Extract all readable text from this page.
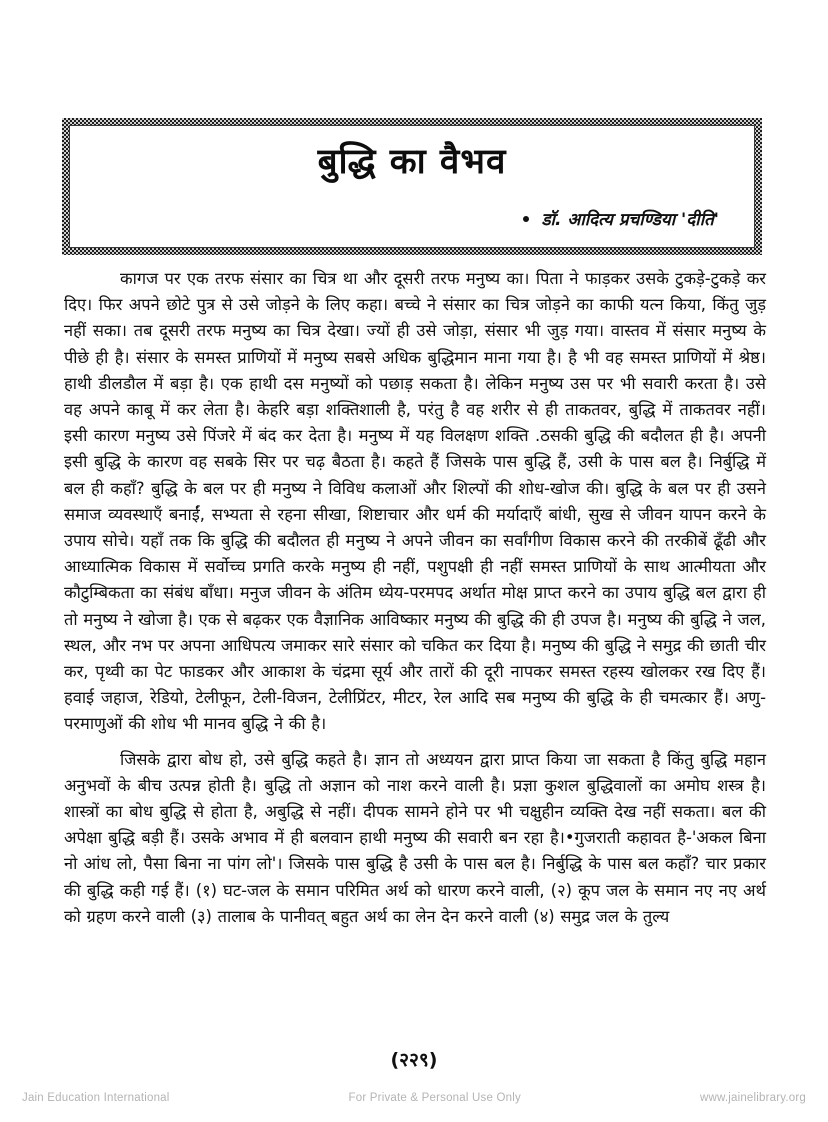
बुद्धि का वैभव
डॉ. आदित्य प्रचण्डिया 'दीति'

कागज पर एक तरफ संसार का चित्र था और दूसरी तरफ मनुष्य का। पिता ने फाड़कर उसके टुकड़े-टुकड़े कर दिए। फिर अपने छोटे पुत्र से उसे जोड़ने के लिए कहा। बच्चे ने संसार का चित्र जोड़ने का काफी यत्न किया, किंतु जुड़ नहीं सका। तब दूसरी तरफ मनुष्य का चित्र देखा। ज्यों ही उसे जोड़ा, संसार भी जुड़ गया। वास्तव में संसार मनुष्य के पीछे ही है। संसार के समस्त प्राणियों में मनुष्य सबसे अधिक बुद्धिमान माना गया है। है भी वह समस्त प्राणियों में श्रेष्ठ। हाथी डीलडौल में बड़ा है। एक हाथी दस मनुष्यों को पछाड़ सकता है। लेकिन मनुष्य उस पर भी सवारी करता है। उसे वह अपने काबू में कर लेता है। केहरि बड़ा शक्तिशाली है, परंतु है वह शरीर से ही ताकतवर, बुद्धि में ताकतवर नहीं। इसी कारण मनुष्य उसे पिंजरे में बंद कर देता है। मनुष्य में यह विलक्षण शक्ति .ठसकी बुद्धि की बदौलत ही है। अपनी इसी बुद्धि के कारण वह सबके सिर पर चढ़ बैठता है। कहते हैं जिसके पास बुद्धि हैं, उसी के पास बल है। निर्बुद्धि में बल ही कहाँ? बुद्धि के बल पर ही मनुष्य ने विविध कलाओं और शिल्पों की शोध-खोज की। बुद्धि के बल पर ही उसने समाज व्यवस्थाएँ बनाईं, सभ्यता से रहना सीखा, शिष्टाचार और धर्म की मर्यादाएँ बांधी, सुख से जीवन यापन करने के उपाय सोचे। यहाँ तक कि बुद्धि की बदौलत ही मनुष्य ने अपने जीवन का सर्वांगीण विकास करने की तरकीबें ढूँढी और आध्यात्मिक विकास में सर्वोच्च प्रगति करके मनुष्य ही नहीं, पशुपक्षी ही नहीं समस्त प्राणियों के साथ आत्मीयता और कौटुम्बिकता का संबंध बाँधा। मनुज जीवन के अंतिम ध्येय-परमपद अर्थात मोक्ष प्राप्त करने का उपाय बुद्धि बल द्वारा ही तो मनुष्य ने खोजा है। एक से बढ़कर एक वैज्ञानिक आविष्कार मनुष्य की बुद्धि की ही उपज है। मनुष्य की बुद्धि ने जल, स्थल, और नभ पर अपना आधिपत्य जमाकर सारे संसार को चकित कर दिया है। मनुष्य की बुद्धि ने समुद्र की छाती चीर कर, पृथ्वी का पेट फाडकर और आकाश के चंद्रमा सूर्य और तारों की दूरी नापकर समस्त रहस्य खोलकर रख दिए हैं। हवाई जहाज, रेडियो, टेलीफून, टेली-विजन, टेलीप्रिंटर, मीटर, रेल आदि सब मनुष्य की बुद्धि के ही चमत्कार हैं। अणु-परमाणुओं की शोध भी मानव बुद्धि ने की है।

जिसके द्वारा बोध हो, उसे बुद्धि कहते है। ज्ञान तो अध्ययन द्वारा प्राप्त किया जा सकता है किंतु बुद्धि महान अनुभवों के बीच उत्पन्न होती है। बुद्धि तो अज्ञान को नाश करने वाली है। प्रज्ञा कुशल बुद्धिवालों का अमोघ शस्त्र है। शास्त्रों का बोध बुद्धि से होता है, अबुद्धि से नहीं। दीपक सामने होने पर भी चक्षुहीन व्यक्ति देख नहीं सकता। बल की अपेक्षा बुद्धि बड़ी हैं। उसके अभाव में ही बलवान हाथी मनुष्य की सवारी बन रहा है।•गुजराती कहावत है-'अकल बिना नो आंध लो, पैसा बिना ना पांग लो'। जिसके पास बुद्धि है उसी के पास बल है। निर्बुद्धि के पास बल कहाँ? चार प्रकार की बुद्धि कही गई हैं। (१) घट-जल के समान परिमित अर्थ को धारण करने वाली, (२) कूप जल के समान नए नए अर्थ को ग्रहण करने वाली (३) तालाब के पानीवत् बहुत अर्थ का लेन देन करने वाली (४) समुद्र जल के तुल्य

(२२९)
Jain Education International	For Private & Personal Use Only	www.jainelibrary.org
